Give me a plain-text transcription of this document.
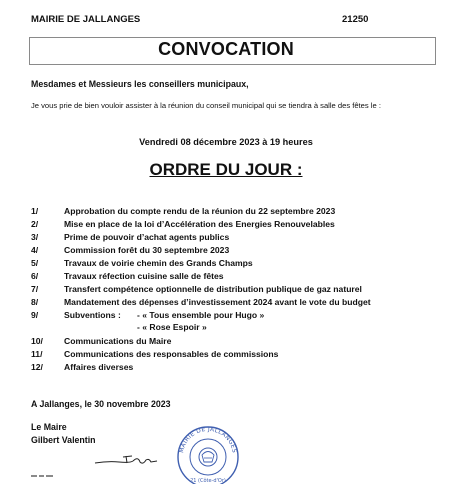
MAIRIE DE JALLANGES	21250
CONVOCATION
Mesdames et Messieurs les conseillers municipaux,
Je vous prie de bien vouloir assister à la réunion du conseil municipal qui se tiendra à salle des fêtes le :
Vendredi 08 décembre 2023 à 19 heures
ORDRE DU JOUR :
1/	Approbation du compte rendu de la réunion du 22 septembre 2023
2/	Mise en place de la loi d’Accélération des Energies Renouvelables
3/	Prime de pouvoir d’achat agents publics
4/	Commission forêt du 30 septembre 2023
5/	Travaux de voirie chemin des Grands Champs
6/	Travaux réfection cuisine salle de fêtes
7/	Transfert compétence optionnelle de distribution publique de gaz naturel
8/	Mandatement des dépenses d’investissement 2024 avant le vote du budget
9/	Subventions : - « Tous ensemble pour Hugo »
- « Rose Espoir »
10/ Communications du Maire
11/	Communications des responsables de commissions
12/ Affaires diverses
A Jallanges, le 30 novembre 2023
Le Maire
Gilbert Valentin
MAIRIE DE JALLANGES
21 (Côte-d'Or)
